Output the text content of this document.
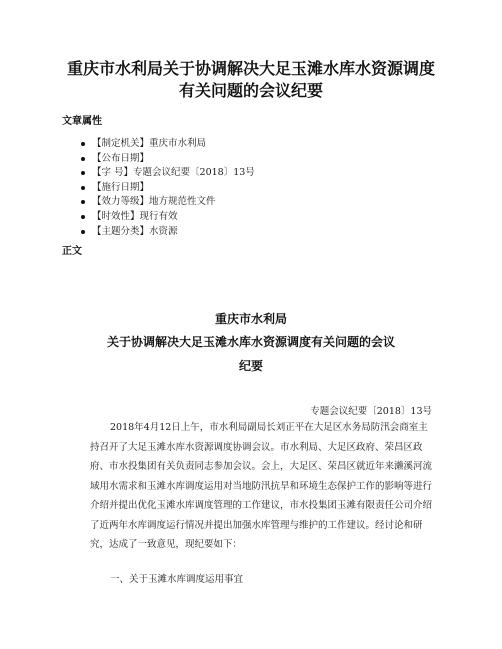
重庆市水利局关于协调解决大足玉滩水库水资源调度
有关问题的会议纪要
文章属性
【制定机关】重庆市水利局
【公布日期】
【字 号】专题会议纪要〔2018〕13号
【施行日期】
【效力等级】地方规范性文件
【时效性】现行有效
【主题分类】水资源
正文
重庆市水利局
关于协调解决大足玉滩水库水资源调度有关问题的会议
纪要
专题会议纪要〔2018〕13号
2018年4月12日上午，市水利局副局长刘正平在大足区水务局防汛会商室主
持召开了大足玉滩水库水资源调度协调会议。市水利局、大足区政府、荣昌区政
府、市水投集团有关负责同志参加会议。会上，大足区、荣昌区就近年来濑溪河流
域用水需求和玉滩水库调度运用对当地防汛抗旱和环境生态保护工作的影响等进行
介绍并提出优化玉滩水库调度管理的工作建议，市水投集团玉滩有限责任公司介绍
了近两年水库调度运行情况并提出加强水库管理与维护的工作建议。经讨论和研
究，达成了一致意见，现纪要如下：
一、关于玉滩水库调度运用事宜
